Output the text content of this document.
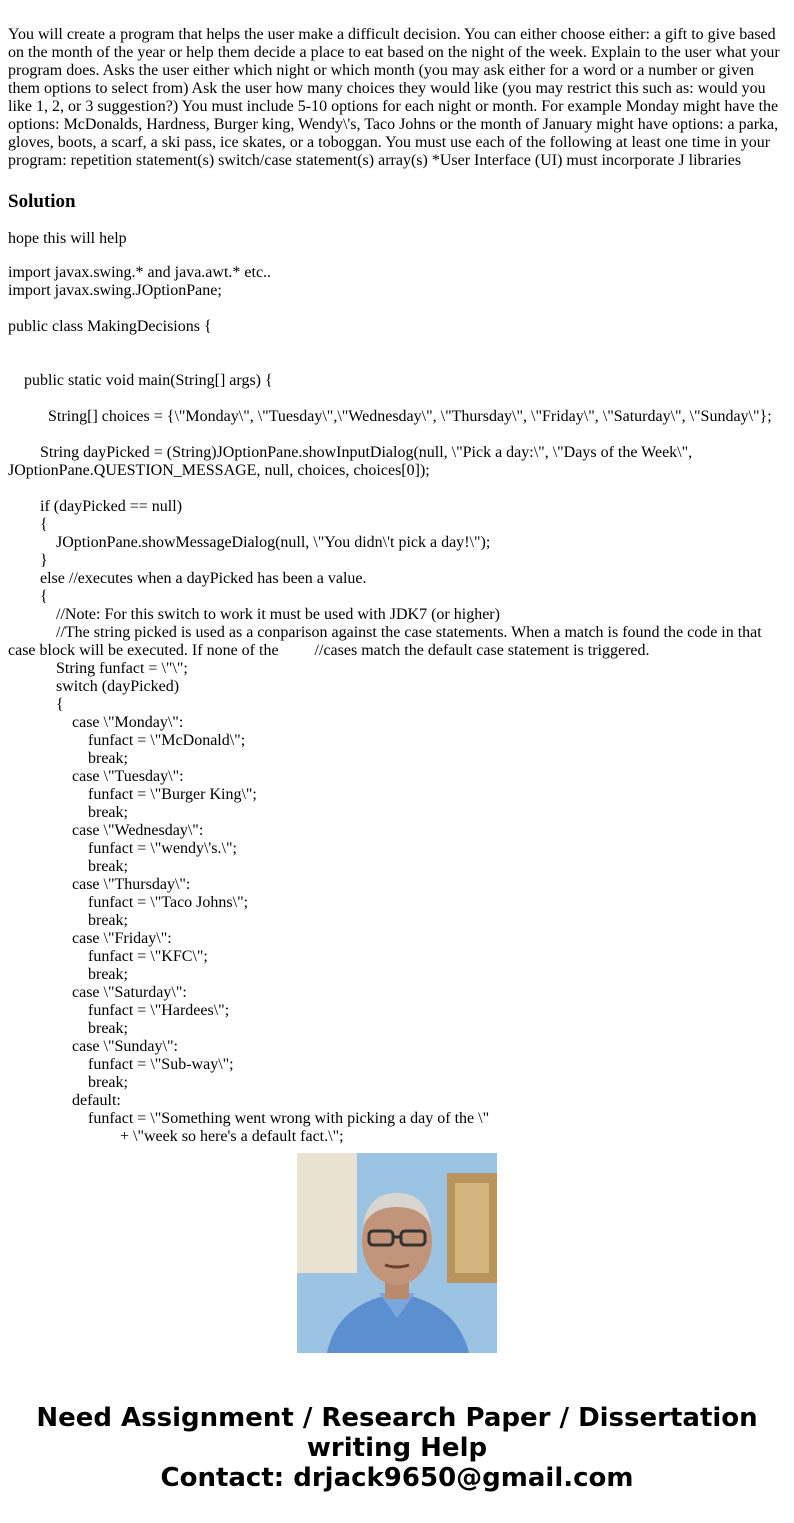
You will create a program that helps the user make a difficult decision. You can either choose either: a gift to give based on the month of the year or help them decide a place to eat based on the night of the week. Explain to the user what your program does. Asks the user either which night or which month (you may ask either for a word or a number or given them options to select from) Ask the user how many choices they would like (you may restrict this such as: would you like 1, 2, or 3 suggestion?) You must include 5-10 options for each night or month. For example Monday might have the options: McDonalds, Hardness, Burger king, Wendy\'s, Taco Johns or the month of January might have options: a parka, gloves, boots, a scarf, a ski pass, ice skates, or a toboggan. You must use each of the following at least one time in your program: repetition statement(s) switch/case statement(s) array(s) *User Interface (UI) must incorporate J libraries

Solution

hope this will help

import javax.swing.* and java.awt.* etc..
import javax.swing.JOptionPane;
public class MakingDecisions {
public static void main(String[] args) {
String[] choices = {\"Monday\", \"Tuesday\",\"Wednesday\", \"Thursday\", \"Friday\", \"Saturday\", \"Sunday\"};
String dayPicked = (String)JOptionPane.showInputDialog(null, \"Pick a day:\", \"Days of the Week\", JOptionPane.QUESTION_MESSAGE, null, choices, choices[0]);
if (dayPicked == null)
{
JOptionPane.showMessageDialog(null, \"You didn\'t pick a day!\");
}
else //executes when a dayPicked has been a value.
{
//Note: For this switch to work it must be used with JDK7 (or higher)
//The string picked is used as a conparison against the case statements. When a match is found the code in that case block will be executed. If none of the         //cases match the default case statement is triggered.
String funfact = \"\";
switch (dayPicked)
{
case \"Monday\":
funfact = \"McDonald\";
break;
case \"Tuesday\":
funfact = \"Burger King\";
break;
case \"Wednesday\":
funfact = \"wendy\'s.\";
break;
case \"Thursday\":
funfact = \"Taco Johns\";
break;
case \"Friday\":
funfact = \"KFC\";
break;
case \"Saturday\":
funfact = \"Hardees\";
break;
case \"Sunday\":
funfact = \"Sub-way\";
break;
default:
funfact = \"Something went wrong with picking a day of the \"
+ \"week so here's a default fact.\";
Need Assignment / Research Paper / Dissertation
writing Help
Contact: drjack9650@gmail.com
